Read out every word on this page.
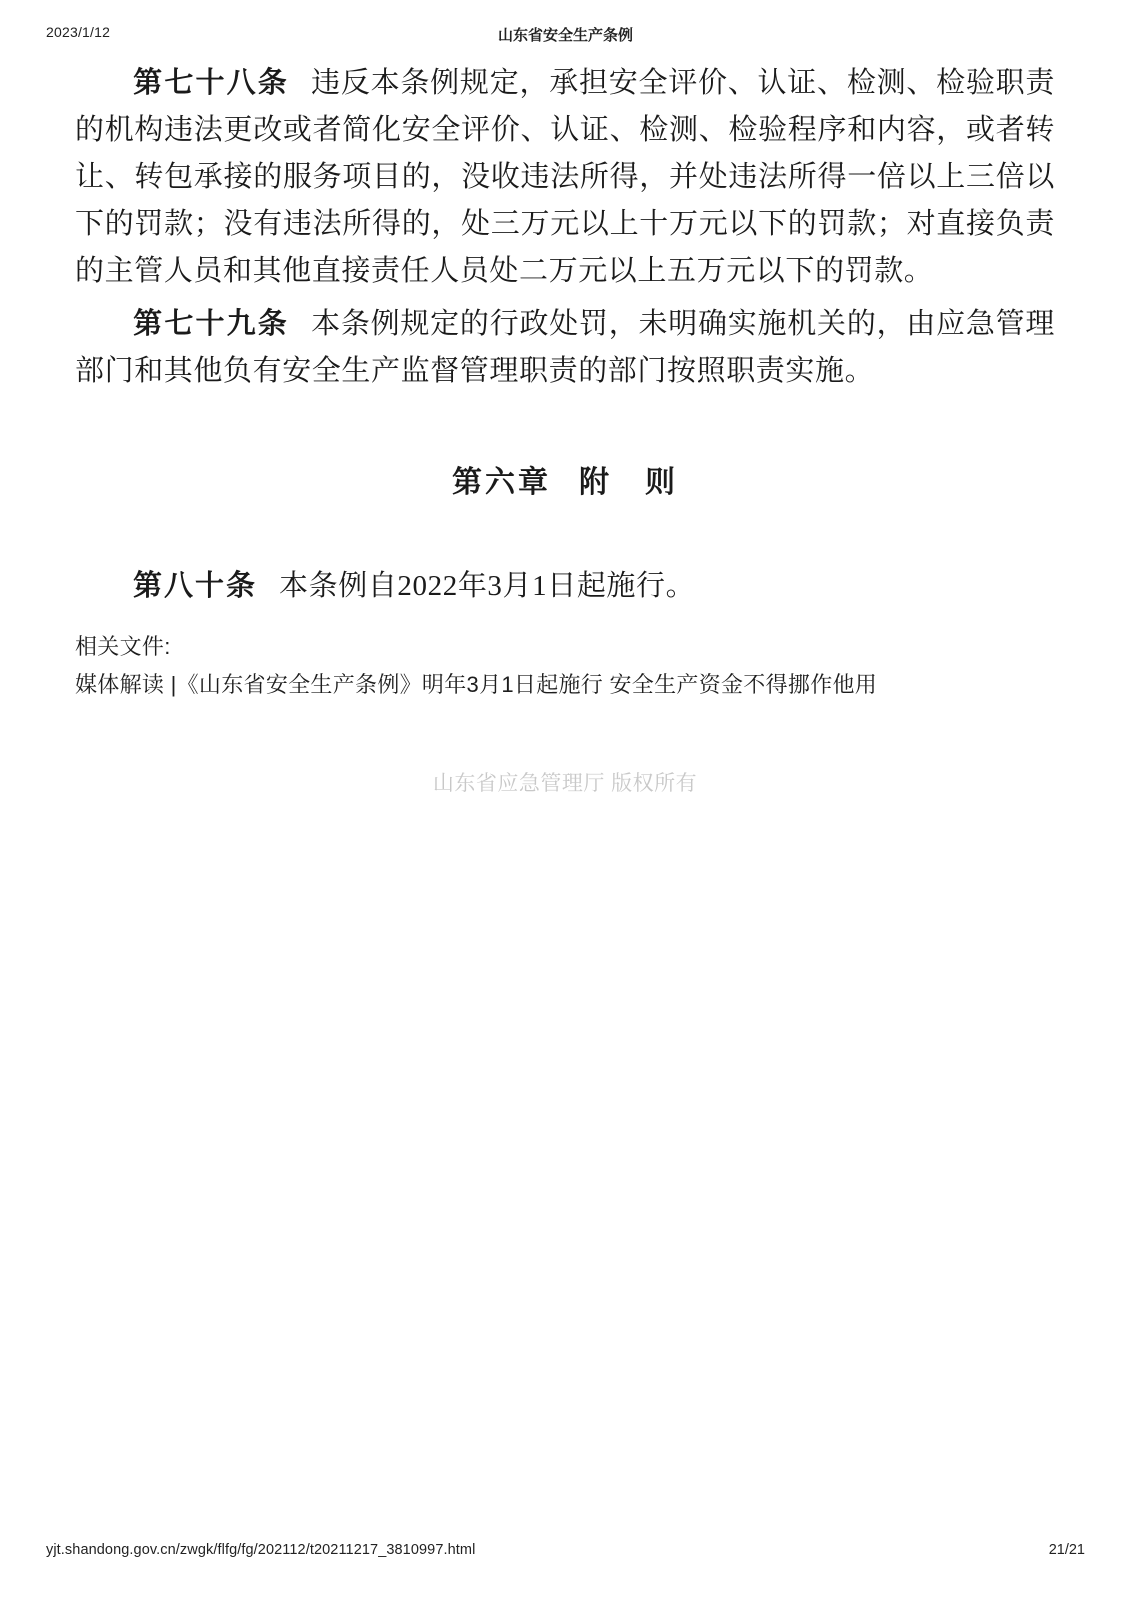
2023/1/12	山东省安全生产条例

第七十八条 违反本条例规定，承担安全评价、认证、检测、检验职责的机构违法更改或者简化安全评价、认证、检测、检验程序和内容，或者转让、转包承接的服务项目的，没收违法所得，并处违法所得一倍以上三倍以下的罚款；没有违法所得的，处三万元以上十万元以下的罚款；对直接负责的主管人员和其他直接责任人员处二万元以上五万元以下的罚款。

第七十九条 本条例规定的行政处罚，未明确实施机关的，由应急管理部门和其他负有安全生产监督管理职责的部门按照职责实施。

第六章 附　则

第八十条 本条例自2022年3月1日起施行。

相关文件:
媒体解读 |《山东省安全生产条例》明年3月1日起施行 安全生产资金不得挪作他用
山东省应急管理厅 版权所有
yjt.shandong.gov.cn/zwgk/flfg/fg/202112/t20211217_3810997.html	21/21
